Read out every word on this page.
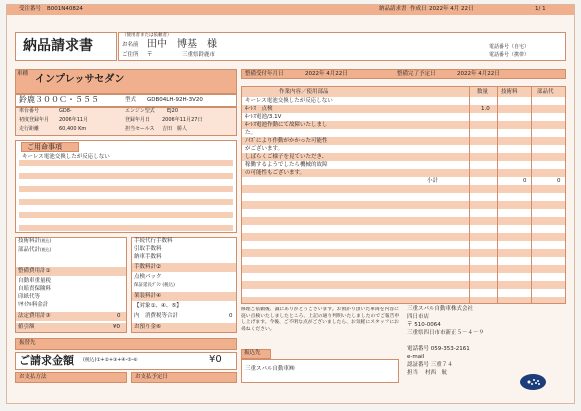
受注番号 B001N40824	納品請求書 作成日 2022年 4月 22日	1/ 1
納品請求書
（使用者または依頼者）
お名前 田中　博基　様
ご住所 〒	三重県鈴鹿市
電話番号（自宅）
電話番号（携帯）
車種 インプレッサセダン
鈴鹿３００Ｃ・５５５	型式 GDB04LH-92H-3V20
車台番号	GD8-	エンジン型式 EJ20
初度登録年月 2006年11月	登録年月日 2006年11月27日
走行距離	60,400 Km	担当セールス 吉田　勝人
ご用命事項
キーレス電池交換したが反応しない
整備受付年月日	2022年 4月22日	整備完了予定日	2022年 4月22日
作業内容／使用部品	数量 技術料	部品代
キーレス電池交換したが反応しない
ｷｰﾚｽ　点検	1.0
ｷｰﾚｽ電池/3.1V
ｷｰﾚｽ電池作動にて故障いたしまし
た。
ﾉｲｽﾞにより作動がかかった可能性
がございます。
しばらくご様子を見ていただき、
稼働するようでしたら機械的故障
の可能性もございます。
小計	0	0
技術料計(税込)
部品代計(税込)
整備費用計①
自動車重量税
自賠責保険料
印紙代等
ﾘｻｲｸﾙ料金計
法定費用計③	0
値引額	¥0
手続代行手数料
引取手数料
納車手数料
手数料計②
点検パック
保証延長ﾌﾟﾗﾝ (税込)
架装料計④
【対象①、④、⑤】
内　消費税等合計	0
お預り金⑥
振替先
ご請求金額 (税込)①+②+③+④-⑤-⑥	¥0
お支払方法	お支払予定日
修理ご依頼後、誠にありがとうございます。お預かり頂いた車両を内容に従い点検いたしましたところ、上記の通り判明いたしましたのでご報告申し上げます。今後、ご不明な点がございましたら、お気軽にスタッフにお尋ねください。
振込先
三重スバル自動車㈱
三重スバル自動車株式会社
四日市店
〒 510-0064
三重県四日市市新正５－４－９
電話番号 059-353-2161
e-mail
認証番号 三重７４
担当 村西　航
